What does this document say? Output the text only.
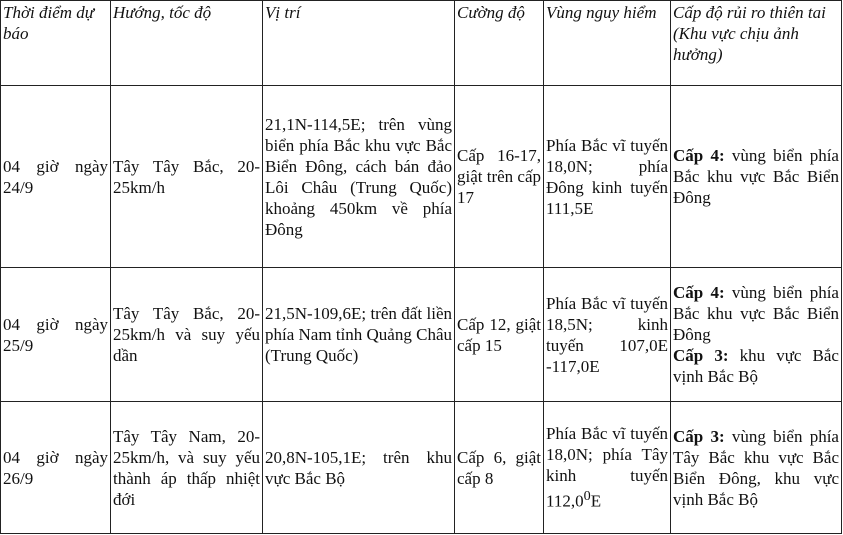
Thời điểm dự báo	Hướng, tốc độ	Vị trí	Cường độ	Vùng nguy hiểm	Cấp độ rủi ro thiên tai (Khu vực chịu ảnh hưởng)
04 giờ ngày 24/9	Tây Tây Bắc, 20-25km/h	21,1N-114,5E; trên vùng biển phía Bắc khu vực Bắc Biển Đông, cách bán đảo Lôi Châu (Trung Quốc) khoảng 450km về phía Đông	Cấp 16-17, giật trên cấp 17	Phía Bắc vĩ tuyến 18,0N; phía Đông kinh tuyến 111,5E	Cấp 4: vùng biển phía Bắc khu vực Bắc Biển Đông
04 giờ ngày 25/9	Tây Tây Bắc, 20-25km/h và suy yếu dần	21,5N-109,6E; trên đất liền phía Nam tỉnh Quảng Châu (Trung Quốc)	Cấp 12, giật cấp 15	Phía Bắc vĩ tuyến 18,5N; kinh tuyến 107,0E -117,0E	Cấp 4: vùng biển phía Bắc khu vực Bắc Biển Đông
Cấp 3: khu vực Bắc vịnh Bắc Bộ

04 giờ ngày 26/9	Tây Tây Nam, 20-25km/h, và suy yếu thành áp thấp nhiệt đới	20,8N-105,1E; trên khu vực Bắc Bộ	Cấp 6, giật cấp 8	Phía Bắc vĩ tuyến 18,0N; phía Tây kinh tuyến 112,0$^0$E	Cấp 3: vùng biển phía Tây Bắc khu vực Bắc Biển Đông, khu vực vịnh Bắc Bộ
